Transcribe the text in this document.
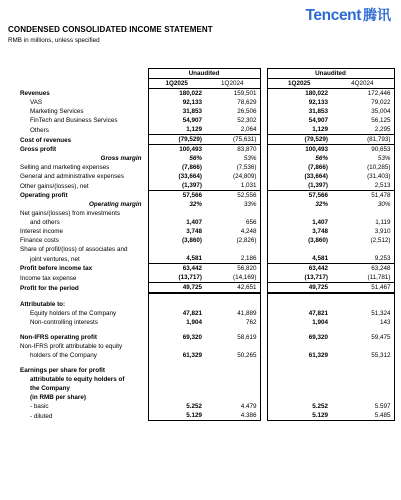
Tencent 腾讯
CONDENSED CONSOLIDATED INCOME STATEMENT
RMB in millions, unless specified
	Unaudited			Unaudited	
	1Q2025	1Q2024		1Q2025	4Q2024
Revenues	180,022	159,501		180,022	172,446
VAS	92,133	78,629		92,133	79,022
Marketing Services	31,853	26,506		31,853	35,004
FinTech and Business Services	54,907	52,302		54,907	56,125
Others	1,129	2,064		1,129	2,295
Cost of revenues	(79,529)	(75,631)		(79,529)	(81,793)
Gross profit	100,493	83,870		100,493	90,653
Gross margin	56%	53%		56%	53%
Selling and marketing expenses	(7,866)	(7,536)		(7,866)	(10,285)
General and administrative expenses	(33,664)	(24,809)		(33,664)	(31,403)
Other gains/(losses), net	(1,397)	1,031		(1,397)	2,513
Operating profit	57,566	52,556		57,566	51,478
Operating margin	32%	33%		32%	30%
Net gains/(losses) from investments					
and others	1,407	656		1,407	1,119
Interest income	3,748	4,248		3,748	3,910
Finance costs	(3,860)	(2,826)		(3,860)	(2,512)
Share of profit/(loss) of associates and					
joint ventures, net	4,581	2,186		4,581	9,253
Profit before income tax	63,442	56,820		63,442	63,248
Income tax expense	(13,717)	(14,169)		(13,717)	(11,781)
Profit for the period	49,725	42,651		49,725	51,467

Attributable to:					
Equity holders of the Company	47,821	41,889		47,821	51,324
Non-controlling interests	1,904	762		1,904	143

Non-IFRS operating profit	69,320	58,619		69,320	59,475
Non-IFRS profit attributable to equity					
holders of the Company	61,329	50,265		61,329	55,312

Earnings per share for profit					
attributable to equity holders of					
the Company					
(in RMB per share)					
- basic	5.252	4.479		5.252	5.597
- diluted	5.129	4.386		5.129	5.485
